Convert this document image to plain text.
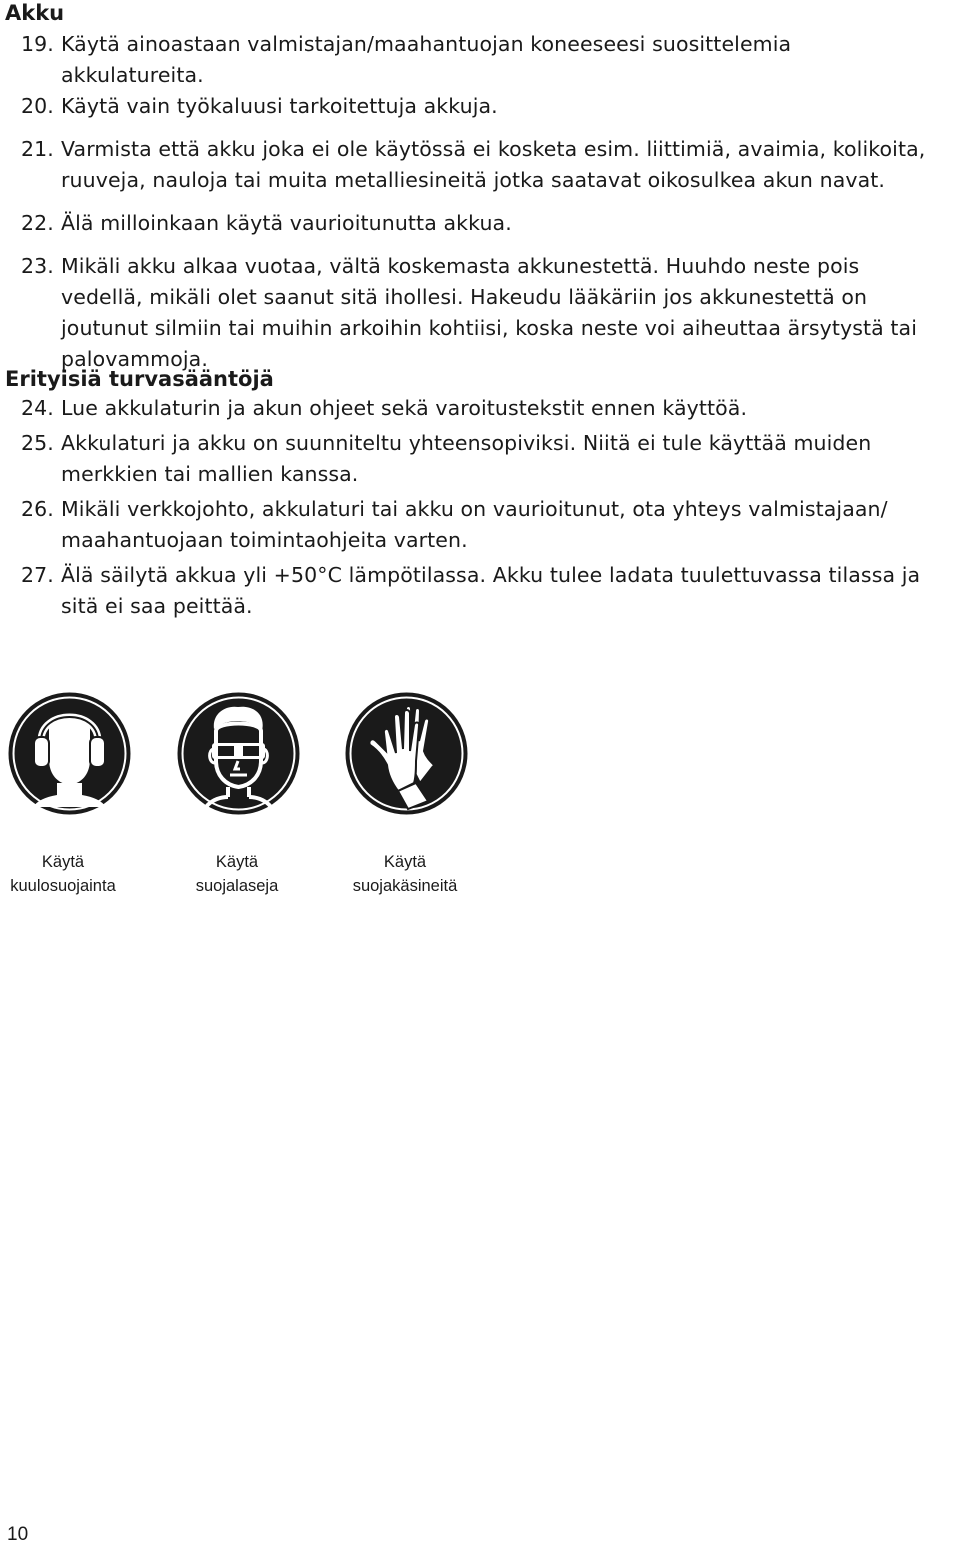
Akku
19. Käytä ainoastaan valmistajan/maahantuojan koneeseesi suosittelemia akkulatureita.
20. Käytä vain työkaluusi tarkoitettuja akkuja.
21. Varmista että akku joka ei ole käytössä ei kosketa esim. liittimiä, avaimia, kolikoita, ruuveja, nauloja tai muita metalliesineitä jotka saatavat oikosulkea akun navat.
22. Älä milloinkaan käytä vaurioitunutta akkua.
23. Mikäli akku alkaa vuotaa, vältä koskemasta akkunestettä. Huuhdo neste pois vedellä, mikäli olet saanut sitä ihollesi. Hakeudu lääkäriin jos akkunestettä on joutunut silmiin tai muihin arkoihin kohtiisi, koska neste voi aiheuttaa ärsytystä tai palovammoja.
Erityisiä turvasääntöjä
24. Lue akkulaturin ja akun ohjeet sekä varoitustekstit ennen käyttöä.
25. Akkulaturi ja akku on suunniteltu yhteensopiviksi. Niitä ei tule käyttää muiden merkkien tai mallien kanssa.
26. Mikäli verkkojohto, akkulaturi tai akku on vaurioitunut, ota yhteys valmistajaan/ maahantuojaan toimintaohjeita varten.
27. Älä säilytä akkua yli +50°C lämpötilassa. Akku tulee ladata tuulettuvassa tilassa ja sitä ei saa peittää.
Käytä
kuulosuojainta
Käytä
suojalaseja
Käytä
suojakäsineitä
10
